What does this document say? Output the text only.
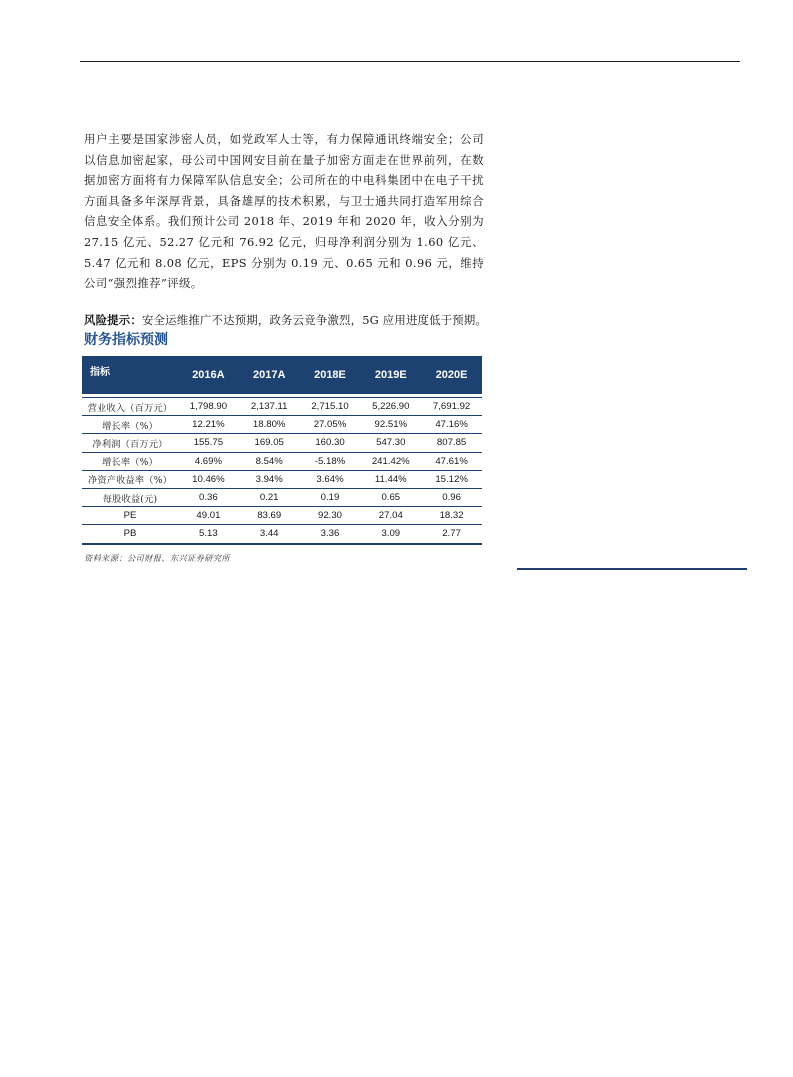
用户主要是国家涉密人员，如党政军人士等，有力保障通讯终端安全；公司以信息加密起家，母公司中国网安目前在量子加密方面走在世界前列，在数据加密方面将有力保障军队信息安全；公司所在的中电科集团中在电子干扰方面具备多年深厚背景，具备雄厚的技术积累，与卫士通共同打造军用综合信息安全体系。我们预计公司 2018 年、2019 年和 2020 年，收入分别为 27.15 亿元、52.27 亿元和 76.92 亿元，归母净利润分别为 1.60 亿元、5.47 亿元和 8.08 亿元，EPS 分别为 0.19 元、0.65 元和 0.96 元，维持公司“强烈推荐”评级。

风险提示：安全运维推广不达预期，政务云竞争激烈，5G 应用进度低于预期。
财务指标预测
指标	2016A	2017A	2018E	2019E	2020E

营业收入（百万元）	1,798.90	2,137.11	2,715.10	5,226.90	7,691.92
增长率（%）	12.21%	18.80%	27.05%	92.51%	47.16%
净利润（百万元）	155.75	169.05	160.30	547.30	807.85
增长率（%）	4.69%	8.54%	-5.18%	241.42%	47.61%
净资产收益率（%）	10.46%	3.94%	3.64%	11.44%	15.12%
每股收益(元)	0.36	0.21	0.19	0.65	0.96
PE	49.01	83.69	92.30	27.04	18.32
PB	5.13	3.44	3.36	3.09	2.77
资料来源：公司财报、东兴证券研究所
